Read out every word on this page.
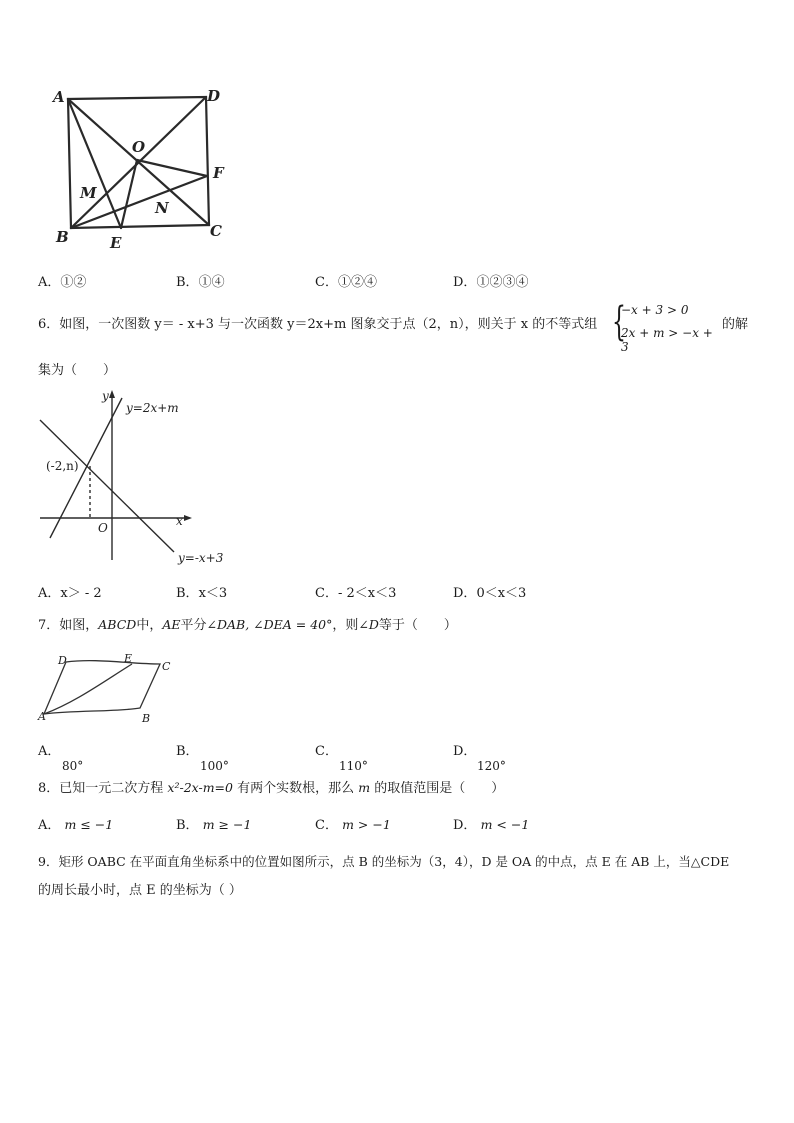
A	D
O
F
M
N
B	E
C
A．①②	B．①④	C．①②④	D．①②③④
6．如图，一次图数 y＝ - x+3 与一次函数 y＝2x+m 图象交于点（2，n），则关于 x 的不等式组 {
−x + 3 > 0
2x + m > −x + 3
的解
集为（　　）
y
y=2x+m
(-2,n)
x
O
y=-x+3
A．x＞ - 2	B．x＜3	C．- 2＜x＜3	D．0＜x＜3
7．如图，ABCD中，AE平分∠DAB, ∠DEA = 40°，则∠D等于（　　）
D	E
C
A	B
A．
80°
B．
100°
C．
110°
D．
120°
8．已知一元二次方程 x²-2x-m=0 有两个实数根，那么 m 的取值范围是（　　）
A． m ≤ −1	B． m ≥ −1	C． m > −1	D． m < −1
9．矩形 OABC 在平面直角坐标系中的位置如图所示，点 B 的坐标为（3，4），D 是 OA 的中点，点 E 在 AB 上，当△CDE
的周长最小时，点 E 的坐标为（ ）
